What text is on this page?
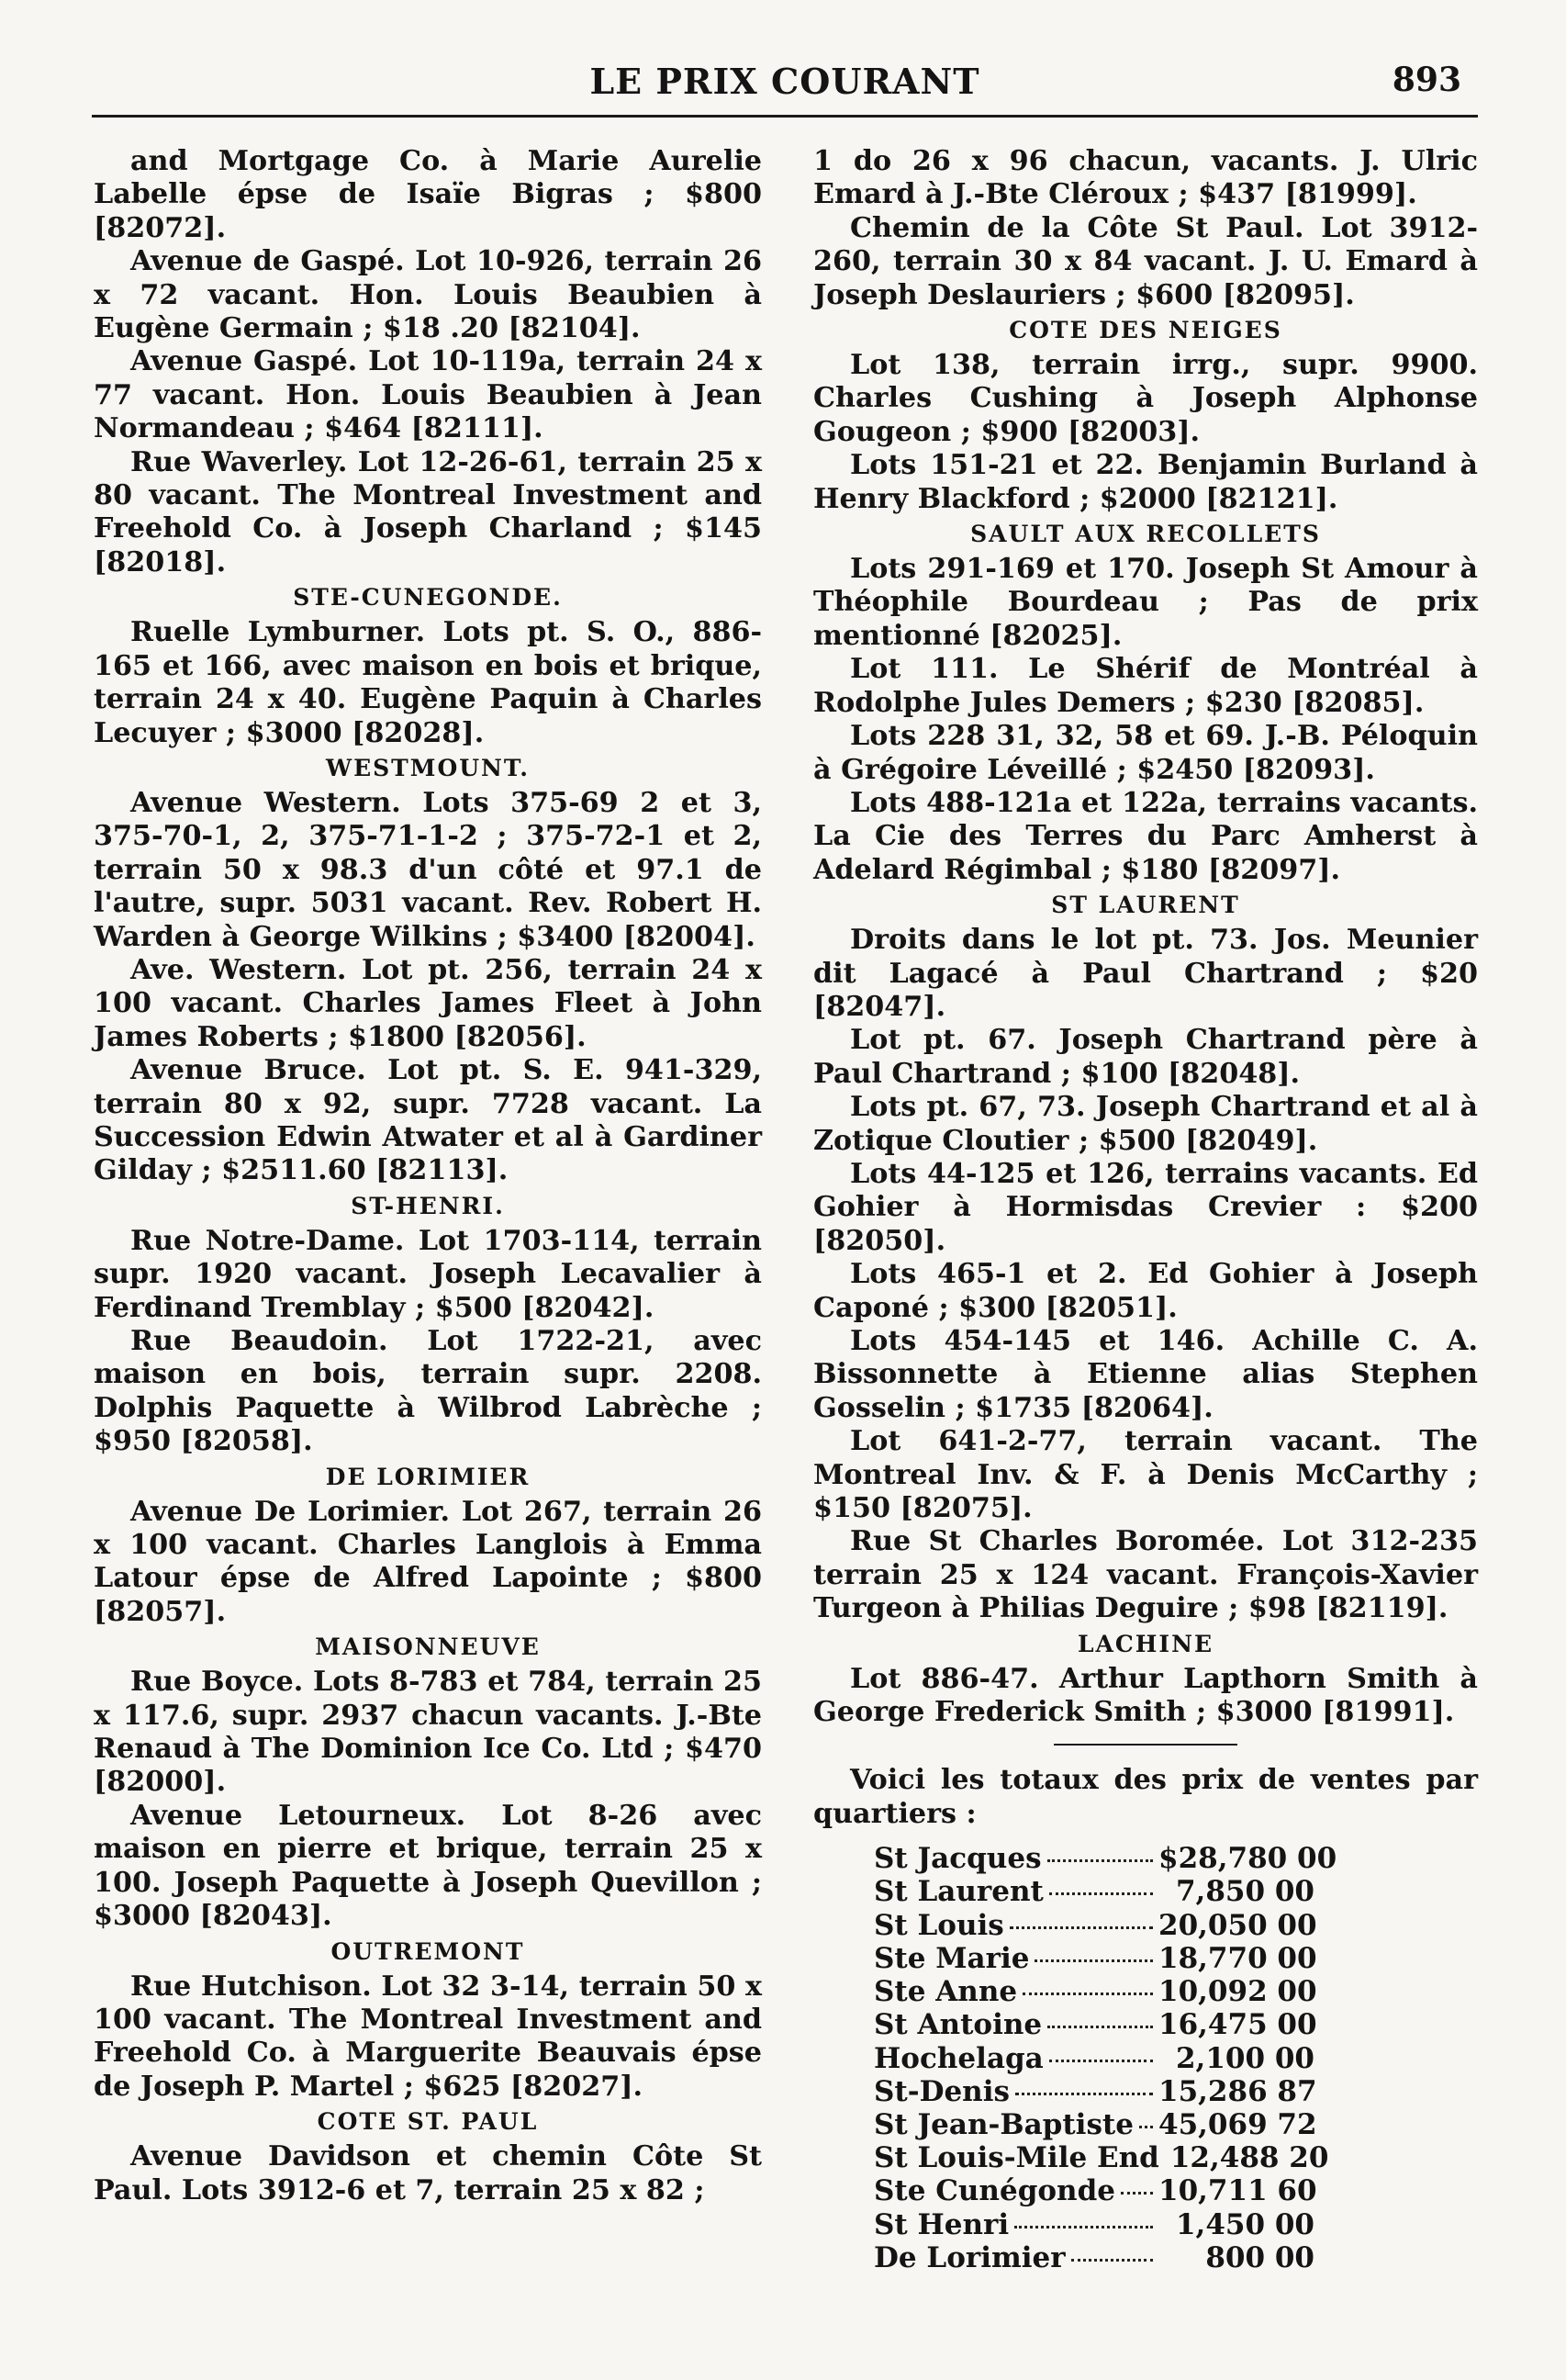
LE PRIX COURANT	893

and Mortgage Co. à Marie Aurelie Labelle épse de Isaïe Bigras ; $800 [82072].

Avenue de Gaspé. Lot 10-926, terrain 26 x 72 vacant. Hon. Louis Beaubien à Eugène Germain ; $18 .20 [82104].

Avenue Gaspé. Lot 10-119a, terrain 24 x 77 vacant. Hon. Louis Beaubien à Jean Normandeau ; $464 [82111].

Rue Waverley. Lot 12-26-61, terrain 25 x 80 vacant. The Montreal Investment and Freehold Co. à Joseph Charland ; $145 [82018].

STE-CUNEGONDE.

Ruelle Lymburner. Lots pt. S. O., 886-165 et 166, avec maison en bois et brique, terrain 24 x 40. Eugène Paquin à Charles Lecuyer ; $3000 [82028].

WESTMOUNT.

Avenue Western. Lots 375-69 2 et 3, 375-70-1, 2, 375-71-1-2 ; 375-72-1 et 2, terrain 50 x 98.3 d'un côté et 97.1 de l'autre, supr. 5031 vacant. Rev. Robert H. Warden à George Wilkins ; $3400 [82004].

Ave. Western. Lot pt. 256, terrain 24 x 100 vacant. Charles James Fleet à John James Roberts ; $1800 [82056].

Avenue Bruce. Lot pt. S. E. 941-329, terrain 80 x 92, supr. 7728 vacant. La Succession Edwin Atwater et al à Gardiner Gilday ; $2511.60 [82113].

ST-HENRI.

Rue Notre-Dame. Lot 1703-114, terrain supr. 1920 vacant. Joseph Lecavalier à Ferdinand Tremblay ; $500 [82042].

Rue Beaudoin. Lot 1722-21, avec maison en bois, terrain supr. 2208. Dolphis Paquette à Wilbrod Labrèche ; $950 [82058].

DE LORIMIER

Avenue De Lorimier. Lot 267, terrain 26 x 100 vacant. Charles Langlois à Emma Latour épse de Alfred Lapointe ; $800 [82057].

MAISONNEUVE

Rue Boyce. Lots 8-783 et 784, terrain 25 x 117.6, supr. 2937 chacun vacants. J.-Bte Renaud à The Dominion Ice Co. Ltd ; $470 [82000].

Avenue Letourneux. Lot 8-26 avec maison en pierre et brique, terrain 25 x 100. Joseph Paquette à Joseph Quevillon ; $3000 [82043].

OUTREMONT

Rue Hutchison. Lot 32 3-14, terrain 50 x 100 vacant. The Montreal Investment and Freehold Co. à Marguerite Beauvais épse de Joseph P. Martel ; $625 [82027].

COTE ST. PAUL

Avenue Davidson et chemin Côte St Paul. Lots 3912-6 et 7, terrain 25 x 82 ;

1 do 26 x 96 chacun, vacants. J. Ulric Emard à J.-Bte Cléroux ; $437 [81999].

Chemin de la Côte St Paul. Lot 3912-260, terrain 30 x 84 vacant. J. U. Emard à Joseph Deslauriers ; $600 [82095].

COTE DES NEIGES

Lot 138, terrain irrg., supr. 9900. Charles Cushing à Joseph Alphonse Gougeon ; $900 [82003].

Lots 151-21 et 22. Benjamin Burland à Henry Blackford ; $2000 [82121].

SAULT AUX RECOLLETS

Lots 291-169 et 170. Joseph St Amour à Théophile Bourdeau ; Pas de prix mentionné [82025].

Lot 111. Le Shérif de Montréal à Rodolphe Jules Demers ; $230 [82085].

Lots 228 31, 32, 58 et 69. J.-B. Péloquin à Grégoire Léveillé ; $2450 [82093].

Lots 488-121a et 122a, terrains vacants. La Cie des Terres du Parc Amherst à Adelard Régimbal ; $180 [82097].

ST LAURENT

Droits dans le lot pt. 73. Jos. Meunier dit Lagacé à Paul Chartrand ; $20 [82047].

Lot pt. 67. Joseph Chartrand père à Paul Chartrand ; $100 [82048].

Lots pt. 67, 73. Joseph Chartrand et al à Zotique Cloutier ; $500 [82049].

Lots 44-125 et 126, terrains vacants. Ed Gohier à Hormisdas Crevier : $200 [82050].

Lots 465-1 et 2. Ed Gohier à Joseph Caponé ; $300 [82051].

Lots 454-145 et 146. Achille C. A. Bissonnette à Etienne alias Stephen Gosselin ; $1735 [82064].

Lot 641-2-77, terrain vacant. The Montreal Inv. & F. à Denis McCarthy ; $150 [82075].

Rue St Charles Boromée. Lot 312-235 terrain 25 x 124 vacant. François-Xavier Turgeon à Philias Deguire ; $98 [82119].

LACHINE

Lot 886-47. Arthur Lapthorn Smith à George Frederick Smith ; $3000 [81991].

Voici les totaux des prix de ventes par quartiers :

St Jacques	$28,780 00
St Laurent	7,850 00
St Louis	20,050 00
Ste Marie	18,770 00
Ste Anne	10,092 00
St Antoine	16,475 00
Hochelaga	2,100 00
St-Denis	15,286 87
St Jean-Baptiste 45,069 72
St Louis-Mile End 12,488 20
Ste Cunégonde 10,711 60
St Henri	1,450 00
De Lorimier	800 00
